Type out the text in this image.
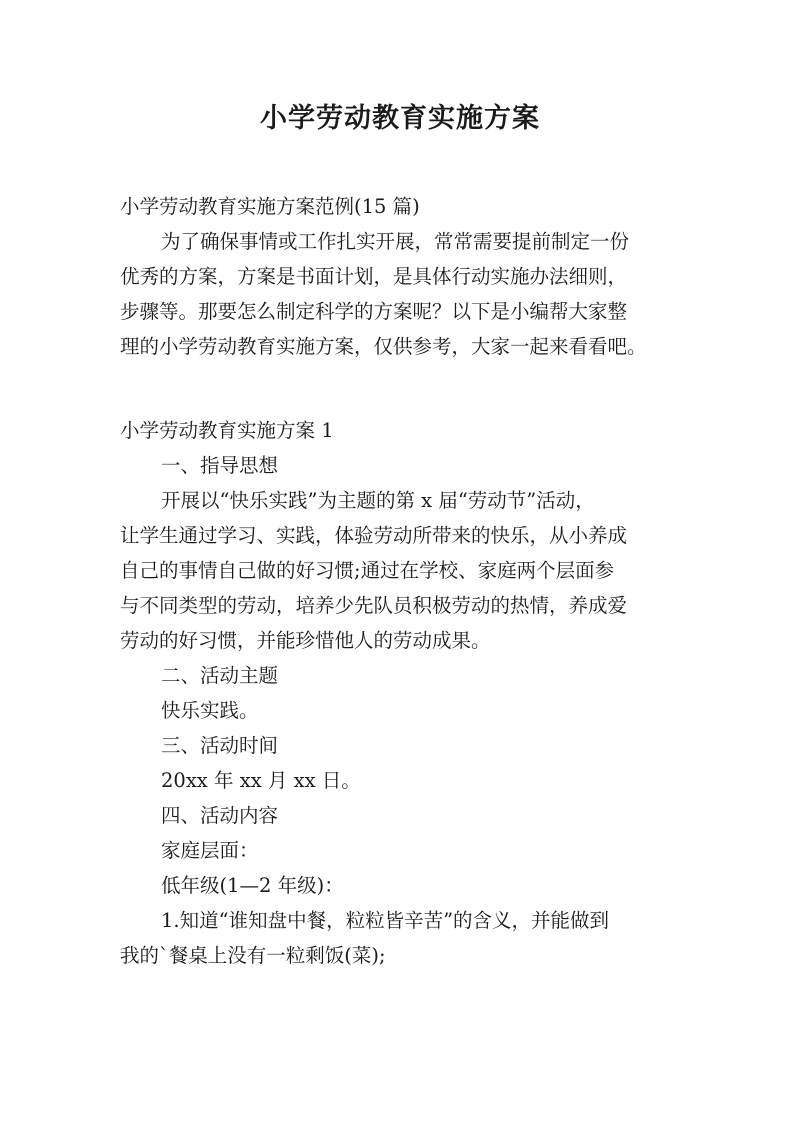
小学劳动教育实施方案
小学劳动教育实施方案范例(15 篇)
为了确保事情或工作扎实开展，常常需要提前制定一份
优秀的方案，方案是书面计划，是具体行动实施办法细则，
步骤等。那要怎么制定科学的方案呢？以下是小编帮大家整
理的小学劳动教育实施方案，仅供参考，大家一起来看看吧。
小学劳动教育实施方案 1
一、指导思想
开展以“快乐实践”为主题的第 x 届“劳动节”活动，
让学生通过学习、实践，体验劳动所带来的快乐，从小养成
自己的事情自己做的好习惯;通过在学校、家庭两个层面参
与不同类型的劳动，培养少先队员积极劳动的热情，养成爱
劳动的好习惯，并能珍惜他人的劳动成果。
二、活动主题
快乐实践。
三、活动时间
20xx 年 xx 月 xx 日。
四、活动内容
家庭层面：
低年级(1—2 年级)：
1.知道“谁知盘中餐，粒粒皆辛苦”的含义，并能做到
我的`餐桌上没有一粒剩饭(菜);
